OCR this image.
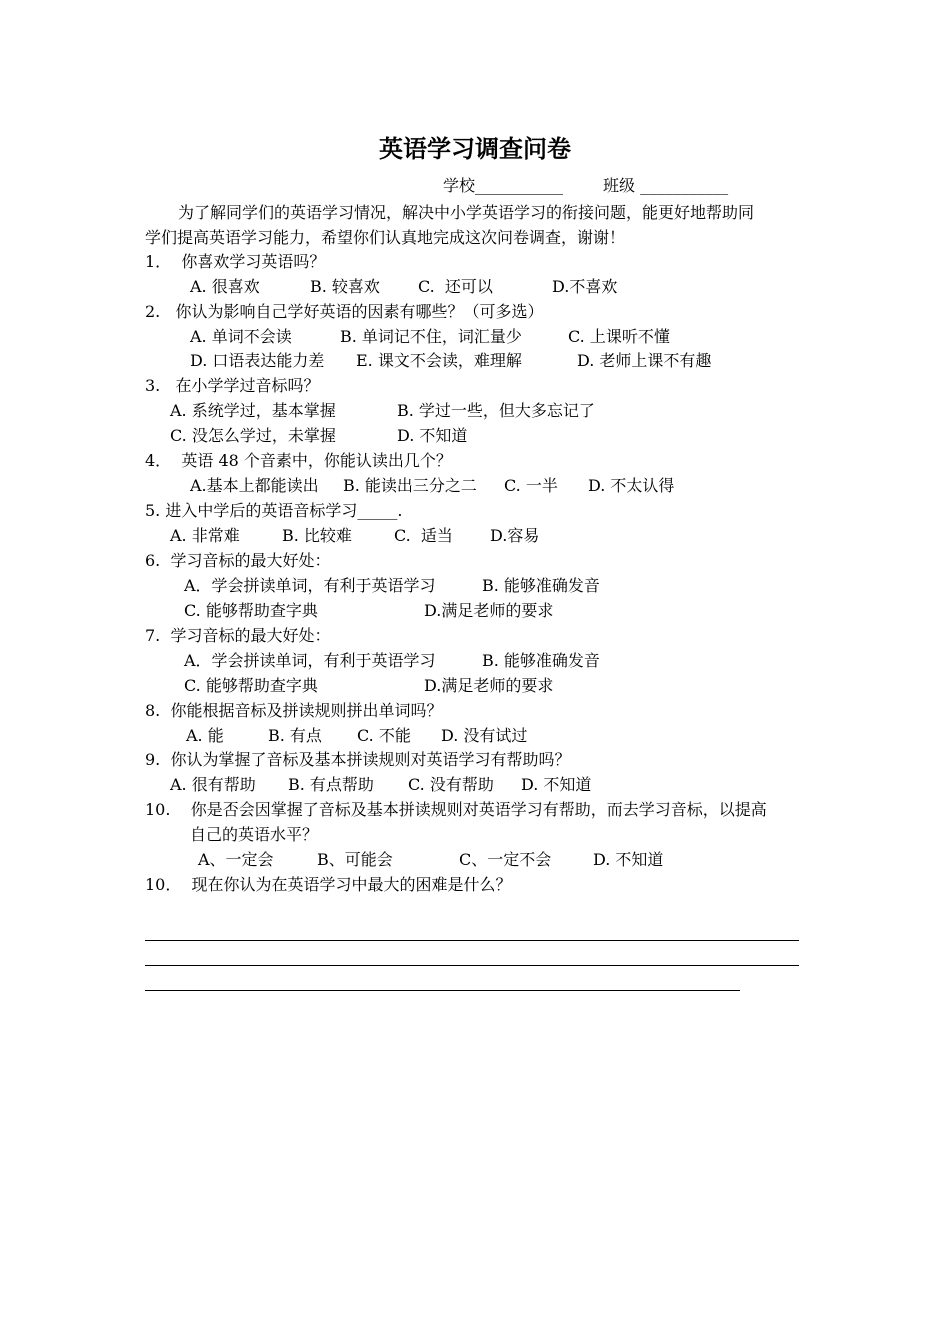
英语学习调查问卷
学校___________ 班级 ___________
为了解同学们的英语学习情况，解决中小学英语学习的衔接问题，能更好地帮助同
学们提高英语学习能力，希望你们认真地完成这次问卷调查，谢谢！
1．  你喜欢学习英语吗？
A. 很喜欢	B. 较喜欢 C.  还可以	D.不喜欢
2.   你认为影响自己学好英语的因素有哪些？（可多选）
A. 单词不会读	B. 单词记不住，词汇量少	C. 上课听不懂
D. 口语表达能力差 E. 课文不会读，难理解	D. 老师上课不有趣
3.   在小学学过音标吗？
A. 系统学过，基本掌握	B. 学过一些，但大多忘记了
C. 没怎么学过，未掌握	D. 不知道
4．  英语 48 个音素中，你能认读出几个？
A.基本上都能读出 B. 能读出三分之二 C. 一半 D. 不太认得
5. 进入中学后的英语音标学习_____.
A. 非常难	B. 比较难	C.  适当 D.容易
6.  学习音标的最大好处：
A．学会拼读单词，有利于英语学习	B. 能够准确发音
C. 能够帮助查字典	D.满足老师的要求
7.  学习音标的最大好处：
A．学会拼读单词，有利于英语学习	B. 能够准确发音
C. 能够帮助查字典	D.满足老师的要求
8.  你能根据音标及拼读规则拼出单词吗？
A. 能	B. 有点 C. 不能 D. 没有试过
9.  你认为掌握了音标及基本拼读规则对英语学习有帮助吗？
A. 很有帮助 B. 有点帮助 C. 没有帮助 D. 不知道
10.    你是否会因掌握了音标及基本拼读规则对英语学习有帮助，而去学习音标，以提高
自己的英语水平？
A、一定会	B、可能会	C、一定不会	D. 不知道
10．  现在你认为在英语学习中最大的困难是什么？
